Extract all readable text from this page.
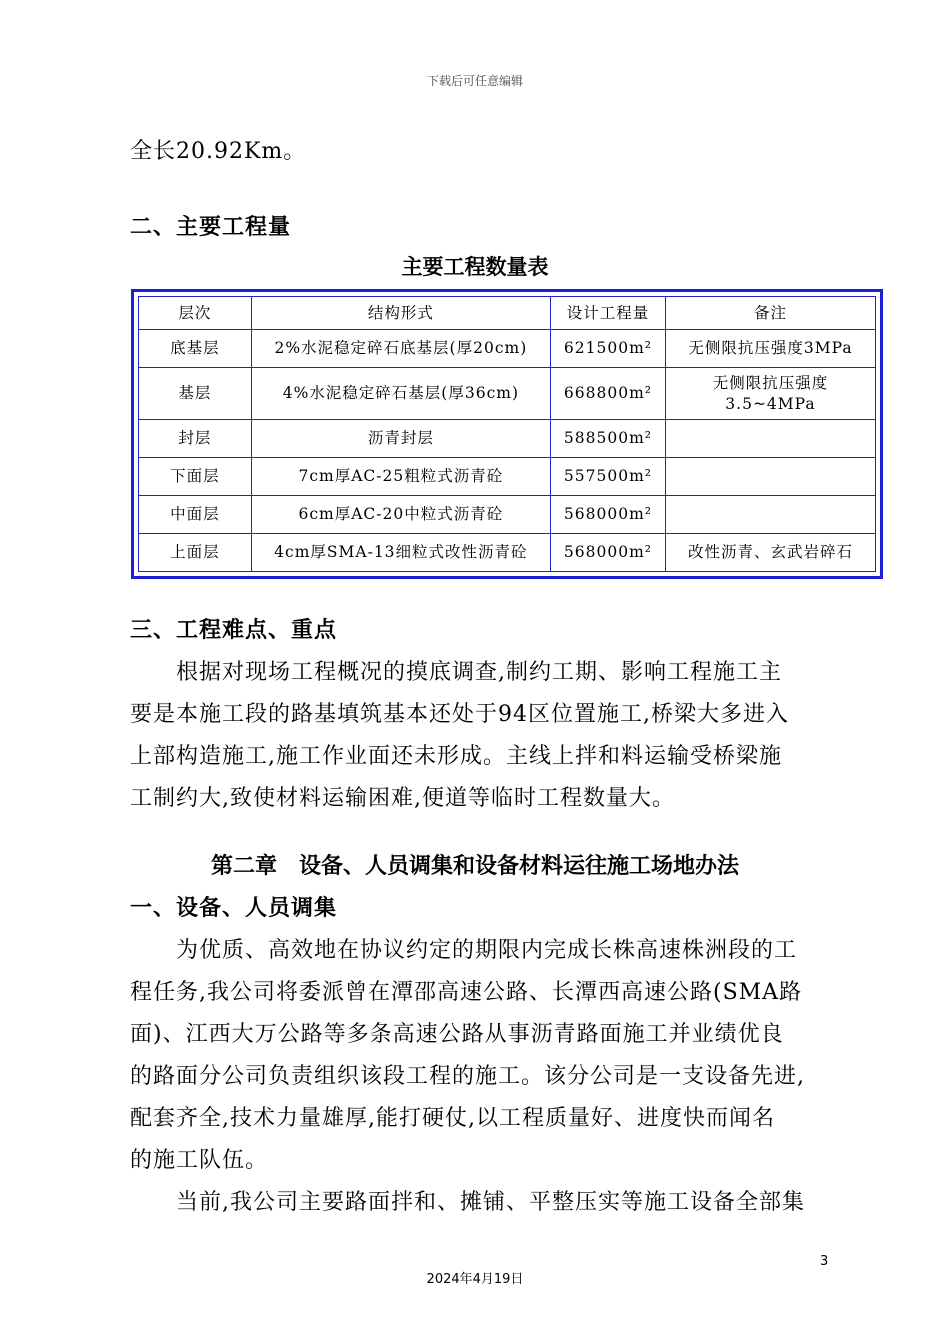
下载后可任意编辑
全长20.92Km。
二、主要工程量
主要工程数量表
层次	结构形式	设计工程量	备注
底基层	2%水泥稳定碎石底基层(厚20cm)	621500m²	无侧限抗压强度3MPa
基层	4%水泥稳定碎石基层(厚36cm)	668800m²	无侧限抗压强度 3.5~4MPa
封层	沥青封层	588500m²	
下面层	7cm厚AC-25粗粒式沥青砼	557500m²	
中面层	6cm厚AC-20中粒式沥青砼	568000m²	
上面层	4cm厚SMA-13细粒式改性沥青砼	568000m²	改性沥青、玄武岩碎石
三、工程难点、重点
根据对现场工程概况的摸底调查,制约工期、影响工程施工主
要是本施工段的路基填筑基本还处于94区位置施工,桥梁大多进入
上部构造施工,施工作业面还未形成。主线上拌和料运输受桥梁施
工制约大,致使材料运输困难,便道等临时工程数量大。
第二章　设备、人员调集和设备材料运往施工场地办法
一、设备、人员调集
为优质、高效地在协议约定的期限内完成长株高速株洲段的工
程任务,我公司将委派曾在潭邵高速公路、长潭西高速公路(SMA路
面)、江西大万公路等多条高速公路从事沥青路面施工并业绩优良
的路面分公司负责组织该段工程的施工。该分公司是一支设备先进,
配套齐全,技术力量雄厚,能打硬仗,以工程质量好、进度快而闻名
的施工队伍。
当前,我公司主要路面拌和、摊铺、平整压实等施工设备全部集
3
2024年4月19日
